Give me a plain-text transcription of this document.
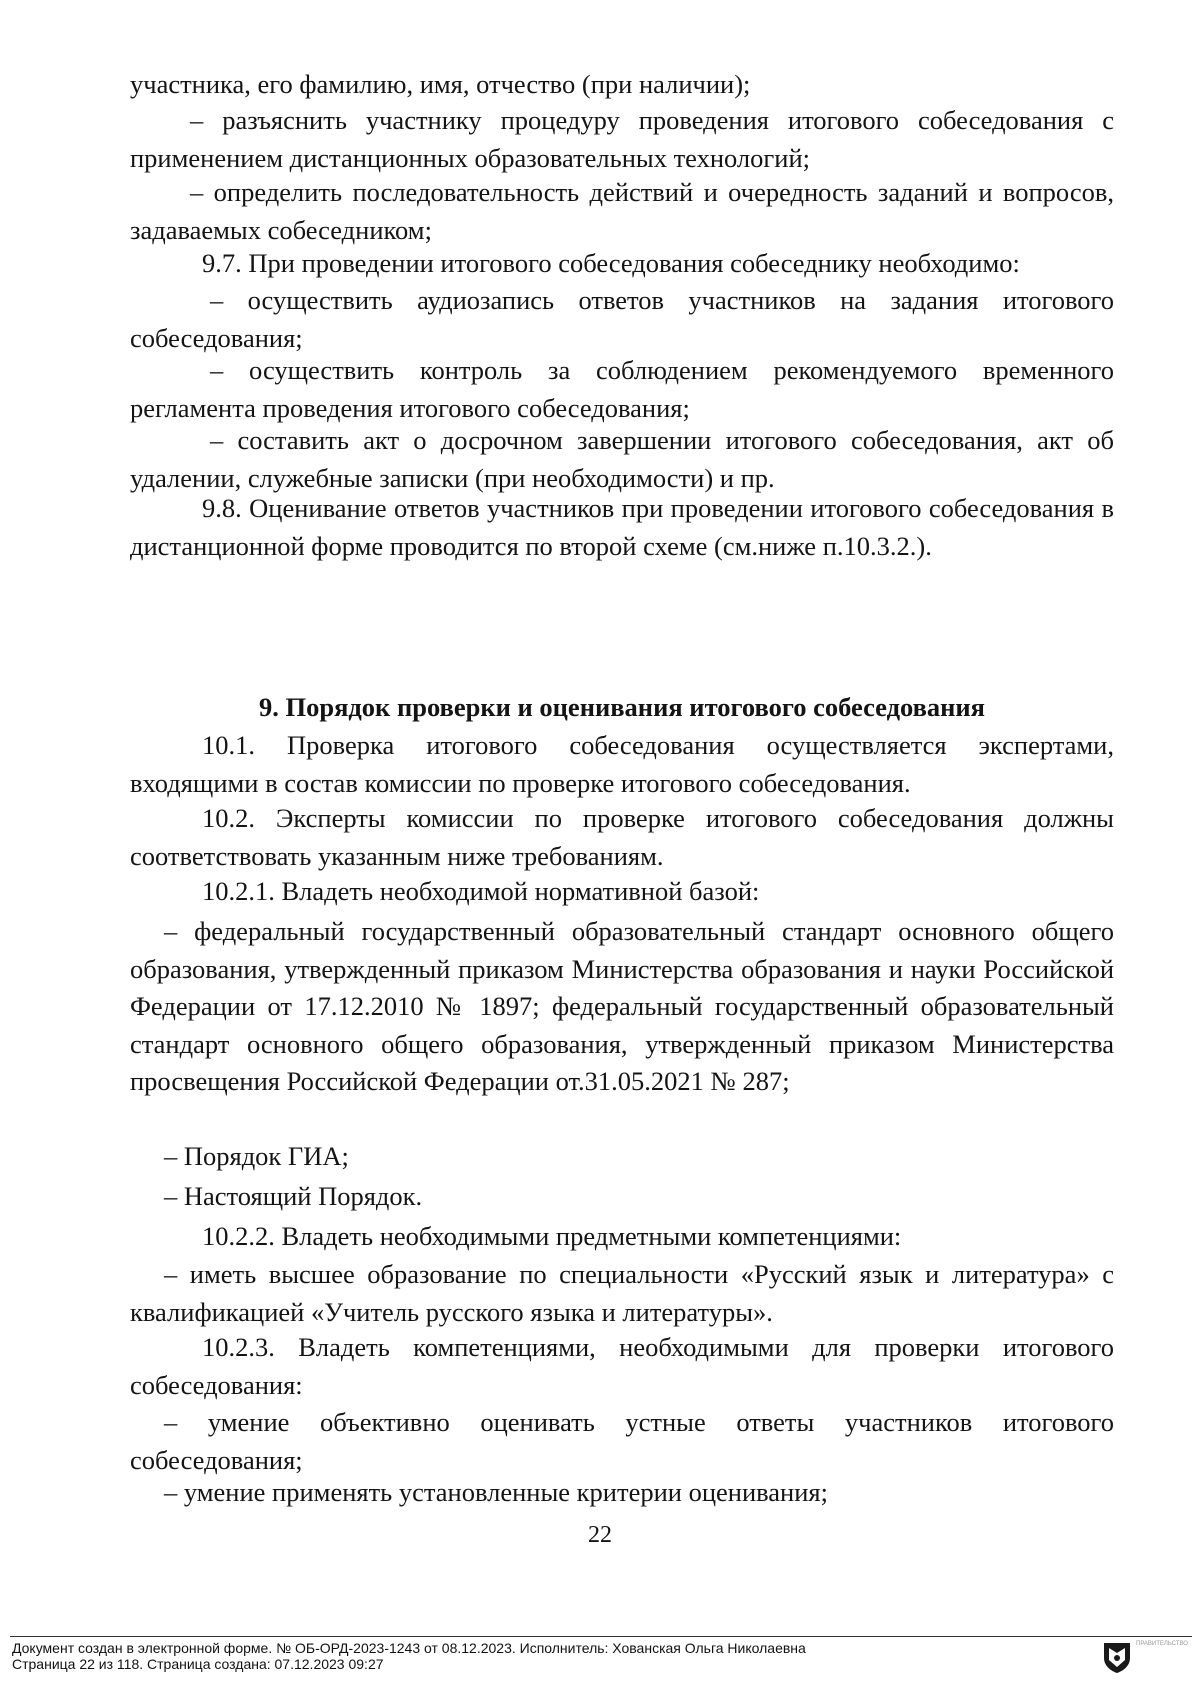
участника, его фамилию, имя, отчество (при наличии);

– разъяснить участнику процедуру проведения итогового собеседования с применением дистанционных образовательных технологий;

– определить последовательность действий и очередность заданий и вопросов, задаваемых собеседником;

9.7. При проведении итогового собеседования собеседнику необходимо:

– осуществить аудиозапись ответов участников на задания итогового собеседования;

– осуществить контроль за соблюдением рекомендуемого временного регламента проведения итогового собеседования;

– составить акт о досрочном завершении итогового собеседования, акт об удалении, служебные записки (при необходимости) и пр.

9.8. Оценивание ответов участников при проведении итогового собеседования в дистанционной форме проводится по второй схеме (см.ниже п.10.3.2.).

9. Порядок проверки и оценивания итогового собеседования

10.1. Проверка итогового собеседования осуществляется экспертами, входящими в состав комиссии по проверке итогового собеседования.

10.2. Эксперты комиссии по проверке итогового собеседования должны соответствовать указанным ниже требованиям.

10.2.1. Владеть необходимой нормативной базой:

– федеральный государственный образовательный стандарт основного общего образования, утвержденный приказом Министерства образования и науки Российской Федерации от 17.12.2010 № 1897; федеральный государственный образовательный стандарт основного общего образования, утвержденный приказом Министерства просвещения Российской Федерации от.31.05.2021 № 287;

– Порядок ГИА;

– Настоящий Порядок.

10.2.2. Владеть необходимыми предметными компетенциями:

– иметь высшее образование по специальности «Русский язык и литература» с квалификацией «Учитель русского языка и литературы».

10.2.3. Владеть компетенциями, необходимыми для проверки итогового собеседования:

– умение объективно оценивать устные ответы участников итогового собеседования;

– умение применять установленные критерии оценивания;

22
Документ создан в электронной форме. № ОБ-ОРД-2023-1243 от 08.12.2023. Исполнитель: Хованская Ольга Николаевна
Страница 22 из 118. Страница создана: 07.12.2023 09:27
ПРАВИТЕЛЬСТВО
